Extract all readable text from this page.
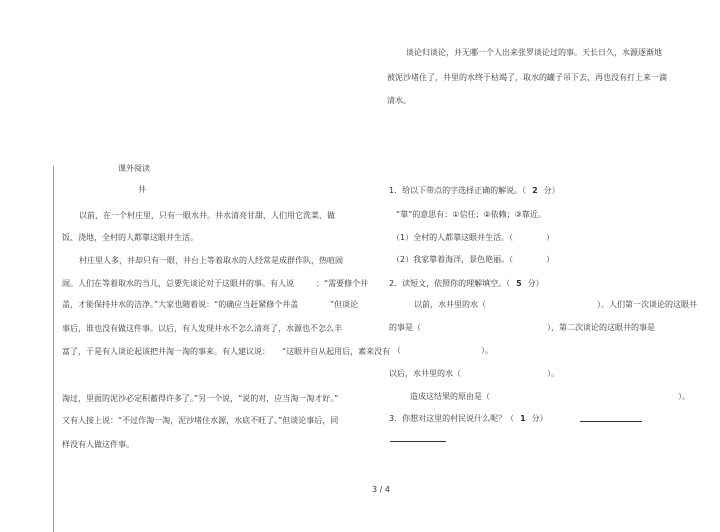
谈论归谈论，并无哪一个人出来张罗谈论过的事。天长日久，水源逐渐地
被泥沙堵住了，井里的水终于枯竭了，取水的罐子吊下去，再也没有打上来一滴
清水。
课外阅读
井
以前，在一个村庄里，只有一眼水井。井水清亮甘甜，人们用它洗菜、做
饭、浇地，全村的人都靠这眼井生活。
村庄里人多，井却只有一眼，井台上等着取水的人经常是成群作队，热喧闹
闹。人们在等着取水的当儿，总要先谈论对于这眼井的事。有人说	：“需要修个井
盖，才能保持井水的洁净。”大家也随着说：“的确应当赶紧修个井盖	”但谈论
事后，谁也没有做这件事。以后，有人发现井水不怎么清亮了，水源也不怎么丰
富了，于是有人谈论起该把井淘一淘的事来。有人建议说： “这眼井自从起用后，素来没有
淘过，里面的泥沙必定积蓄得许多了。”另一个说，“说的对，应当淘一淘才好。”
又有人接上说：“不过作淘一淘，泥沙堵住水源，水底不旺了。”但谈论事后，同
样没有人做这件事。
1．给以下带点的字选择正确的解说。（ 2 分）
“靠”的意思有：①信任；②依赖；③靠近。
（1）全村的人都靠这眼井生活。（	）
（2）我家靠着海洋，景色艳丽。（	）
2．读短文，依照你的理解填空。（ 5 分）
以前，水井里的水（	）。人们第一次谈论的这眼井
的事是（	），第二次谈论的这眼井的事是
（	）。
以后，水井里的水（	）。
造成这结果的原由是（	）。
3．你想对这里的村民说什么呢？（ 1 分）
3 / 4
